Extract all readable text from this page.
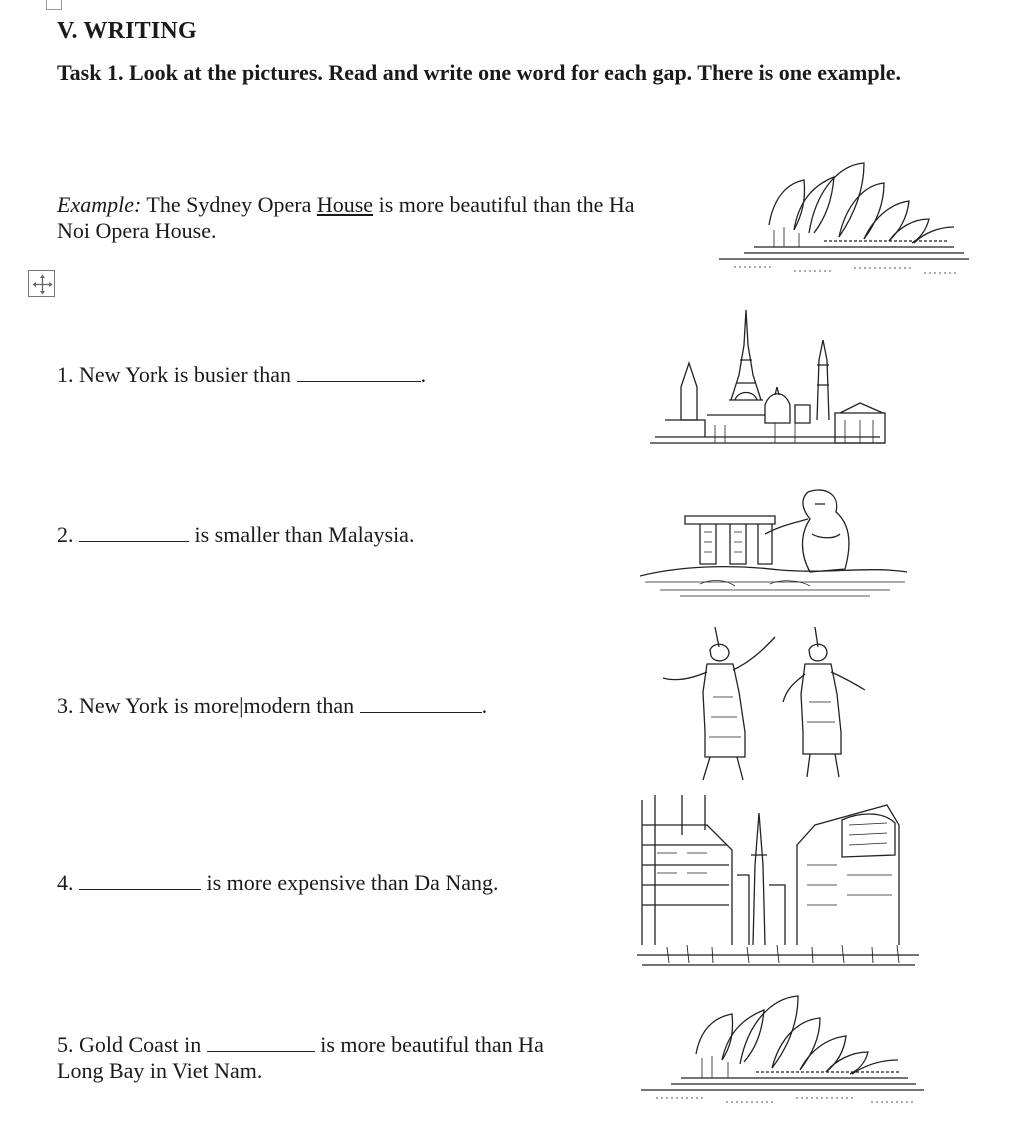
V. WRITING
Task 1. Look at the pictures. Read and write one word for each gap. There is one example.
Example: The Sydney Opera House is more beautiful than the Ha
Noi Opera House.
1. New York is busier than	.
2.	is smaller than Malaysia.
3. New York is more|modern than	.
4.	is more expensive than Da Nang.
5. Gold Coast in	is more beautiful than Ha
Long Bay in Viet Nam.
